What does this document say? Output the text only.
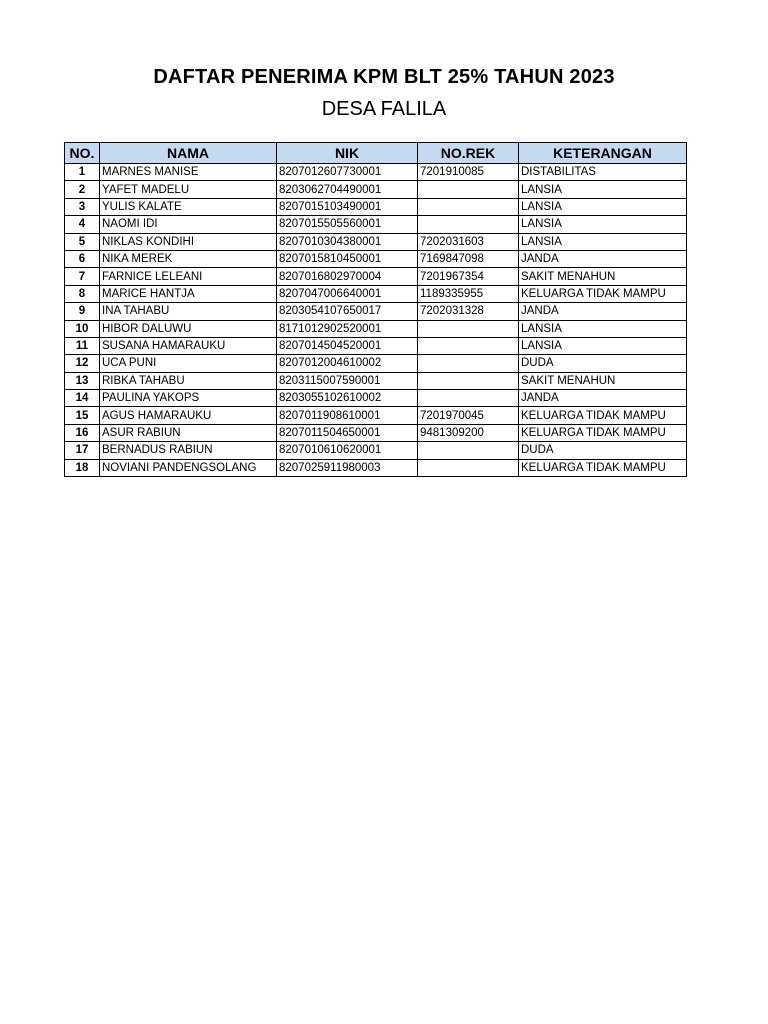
DAFTAR PENERIMA KPM BLT 25% TAHUN 2023
DESA FALILA
NO.	NAMA	NIK	NO.REK	KETERANGAN
1	MARNES MANISE	8207012607730001	7201910085	DISTABILITAS
2	YAFET MADELU	8203062704490001		LANSIA
3	YULIS KALATE	8207015103490001		LANSIA
4	NAOMI IDI	8207015505560001		LANSIA
5	NIKLAS KONDIHI	8207010304380001	7202031603	LANSIA
6	NIKA MEREK	8207015810450001	7169847098	JANDA
7	FARNICE LELEANI	8207016802970004	7201967354	SAKIT MENAHUN
8	MARICE HANTJA	8207047006640001	1189335955	KELUARGA TIDAK MAMPU
9	INA TAHABU	8203054107650017	7202031328	JANDA
10	HIBOR DALUWU	8171012902520001		LANSIA
11	SUSANA HAMARAUKU	8207014504520001		LANSIA
12	UCA PUNI	8207012004610002		DUDA
13	RIBKA TAHABU	8203115007590001		SAKIT MENAHUN
14	PAULINA YAKOPS	8203055102610002		JANDA
15	AGUS HAMARAUKU	8207011908610001	7201970045	KELUARGA TIDAK MAMPU
16	ASUR RABIUN	8207011504650001	9481309200	KELUARGA TIDAK MAMPU
17	BERNADUS RABIUN	8207010610620001		DUDA
18	NOVIANI PANDENGSOLANG	8207025911980003		KELUARGA TIDAK MAMPU
